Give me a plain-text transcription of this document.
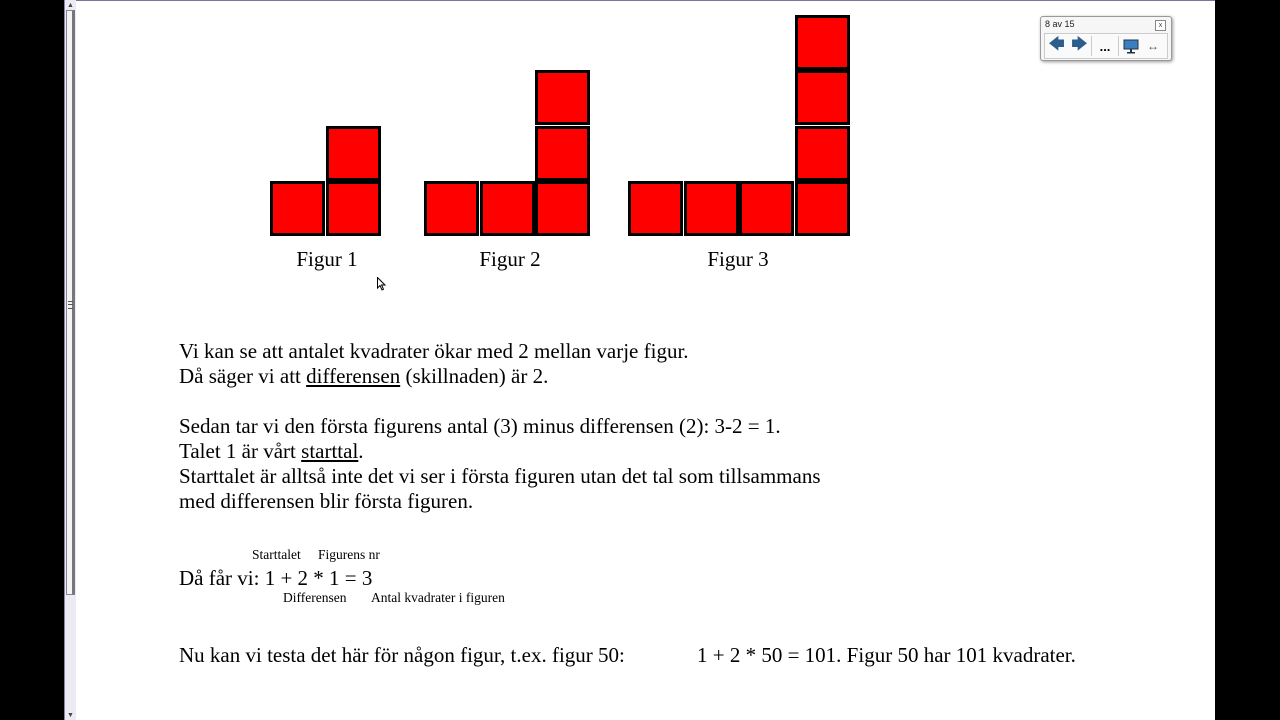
▲
▼
Figur 1	Figur 2	Figur 3
Vi kan se att antalet kvadrater ökar med 2 mellan varje figur.
Då säger vi att differensen (skillnaden) är 2.
Sedan tar vi den första figurens antal (3) minus differensen (2): 3-2 = 1.
Talet 1 är vårt starttal.
Starttalet är alltså inte det vi ser i första figuren utan det tal som tillsammans
med differensen blir första figuren.
Starttalet Figurens nr
Då får vi: 1 + 2 * 1 = 3
Differensen Antal kvadrater i figuren
Nu kan vi testa det här för någon figur, t.ex. figur 50:	1 + 2 * 50 = 101. Figur 50 har 101 kvadrater.
8 av 15	x
🡄 🡆 ...	↔
